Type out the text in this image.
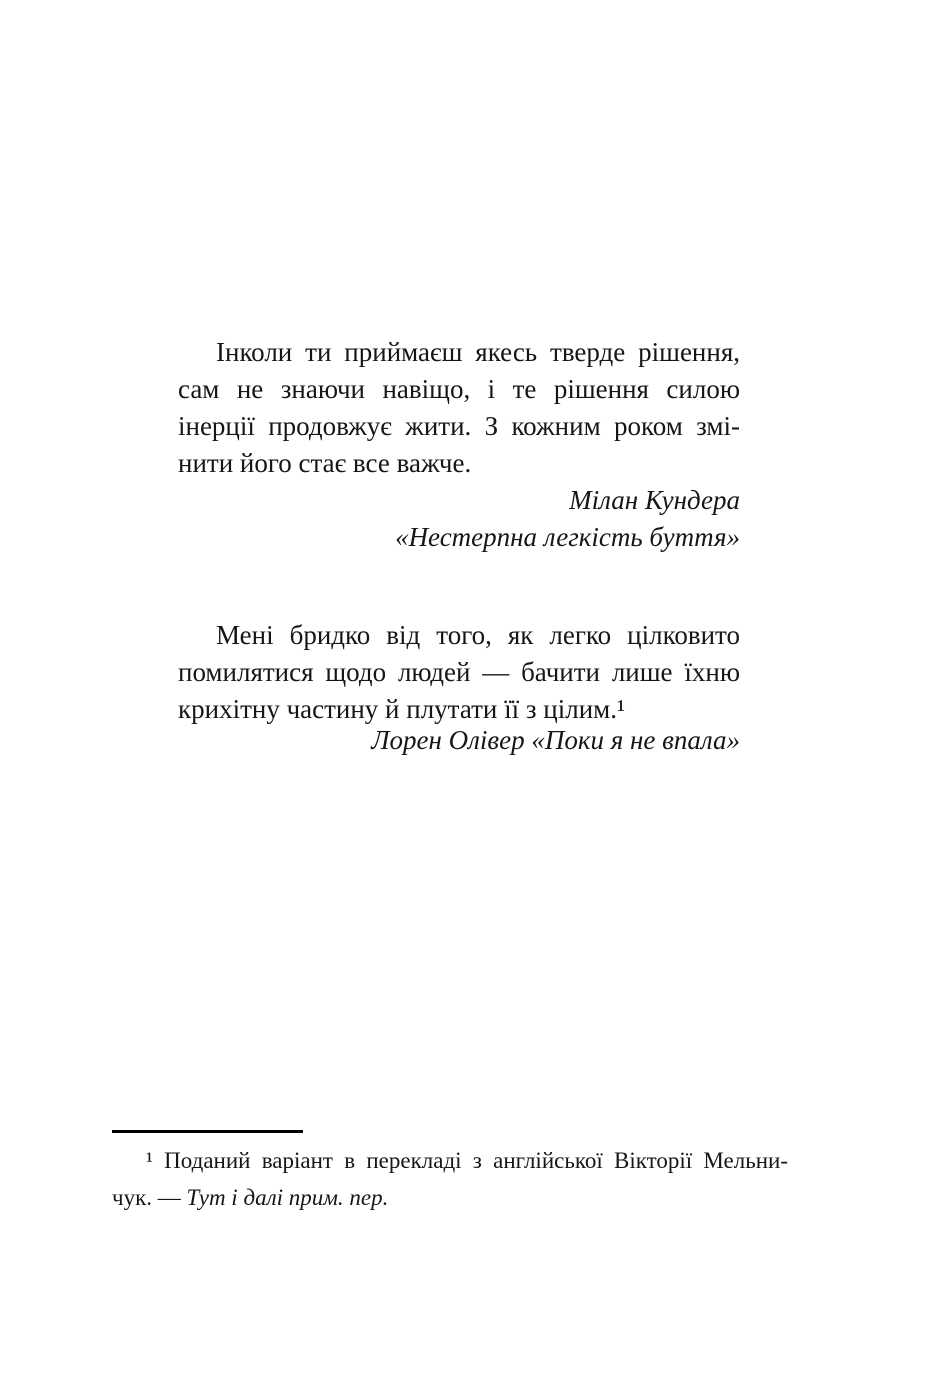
Інколи ти приймаєш якесь тверде рішення,
сам не знаючи навіщо, і те рішення силою
інерції продовжує жити. З кожним роком змі-
нити його стає все важче.
Мілан Кундера
«Нестерпна легкість буття»
Мені бридко від того, як легко цілковито
помилятися щодо людей — бачити лише їхню
крихітну частину й плутати її з цілим.¹
Лорен Олівер «Поки я не впала»
¹ Поданий варіант в перекладі з англійської Вікторії Мельни-
чук. — Тут і далі прим. пер.
